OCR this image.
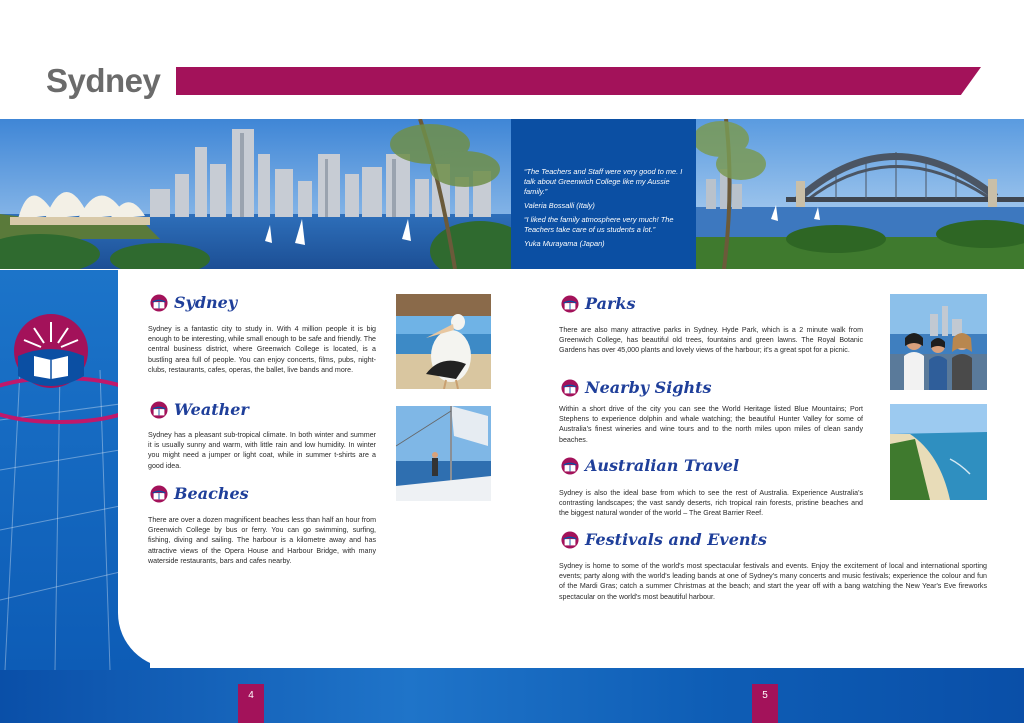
Sydney

“The Teachers and Staff were very good to me. I talk about Greenwich College like my Aussie family.”

Valeria Bossalli (Italy)

“I liked the family atmosphere very much! The Teachers take care of us students a lot.”

Yuka Murayama (Japan)

Sydney
Sydney is a fantastic city to study in. With 4 million people it is big enough to be interesting, while small enough to be safe and friendly. The central business district, where Greenwich College is located, is a bustling area full of people. You can enjoy concerts, films, pubs, night-clubs, restaurants, cafes, operas, the ballet, live bands and more.
Weather
Sydney has a pleasant sub-tropical climate. In both winter and summer it is usually sunny and warm, with little rain and low humidity. In winter you might need a jumper or light coat, while in summer t-shirts are a good idea.
Beaches
There are over a dozen magnificent beaches less than half an hour from Greenwich College by bus or ferry. You can go swimming, surfing, fishing, diving and sailing. The harbour is a kilometre away and has attractive views of the Opera House and Harbour Bridge, with many waterside restaurants, bars and cafes nearby.
Parks
There are also many attractive parks in Sydney. Hyde Park, which is a 2 minute walk from Greenwich College, has beautiful old trees, fountains and green lawns. The Royal Botanic Gardens has over 45,000 plants and lovely views of the harbour; it's a great spot for a picnic.
Nearby Sights
Within a short drive of the city you can see the World Heritage listed Blue Mountains; Port Stephens to experience dolphin and whale watching; the beautiful Hunter Valley for some of Australia's finest wineries and wine tours and to the north miles upon miles of clean sandy beaches.
Australian Travel
Sydney is also the ideal base from which to see the rest of Australia. Experience Australia's contrasting landscapes; the vast sandy deserts, rich tropical rain forests, pristine beaches and the biggest natural wonder of the world – The Great Barrier Reef.
Festivals and Events
Sydney is home to some of the world's most spectacular festivals and events. Enjoy the excitement of local and international sporting events; party along with the world's leading bands at one of Sydney's many concerts and music festivals; experience the colour and fun of the Mardi Gras; catch a summer Christmas at the beach; and start the year off with a bang watching the New Year's Eve fireworks spectacular on the world's most beautiful harbour.
4	5
